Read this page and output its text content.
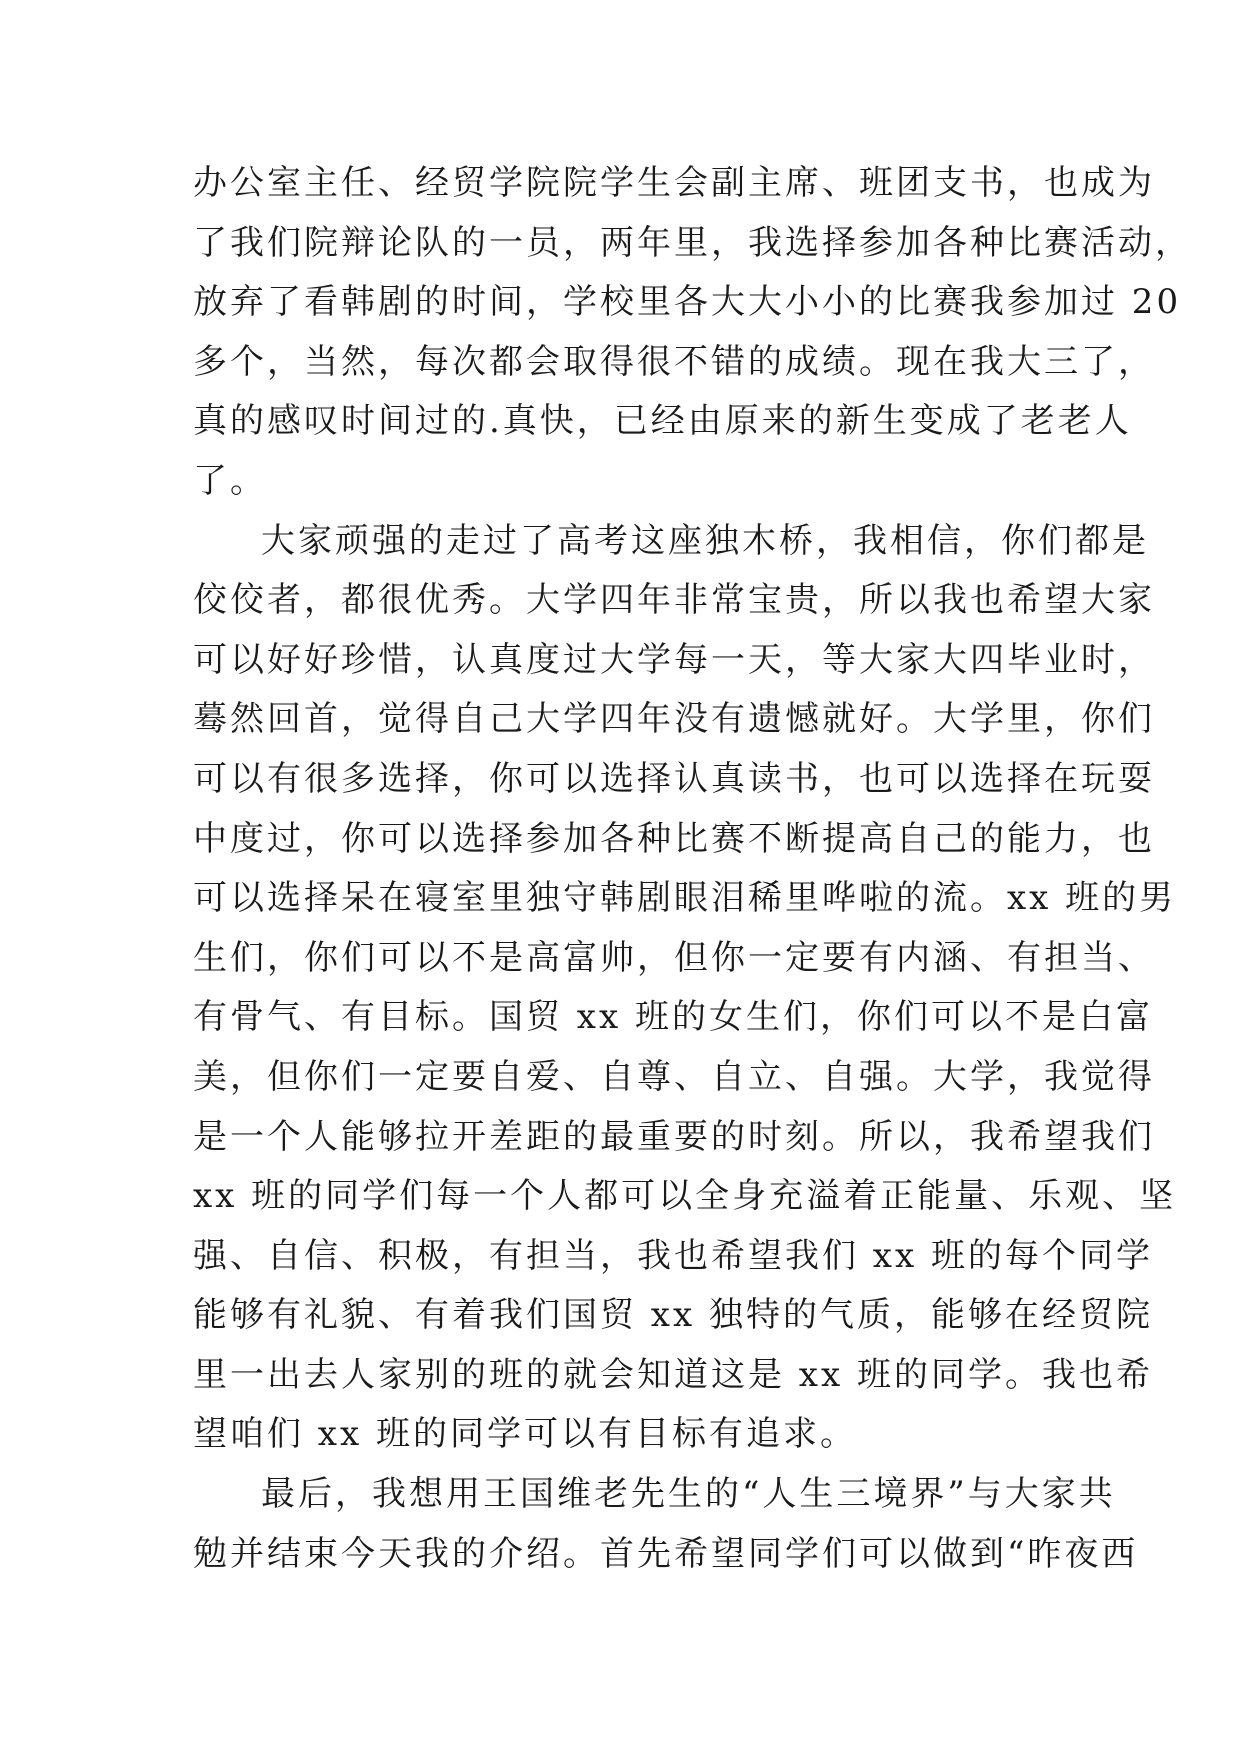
办公室主任、经贸学院院学生会副主席、班团支书，也成为
了我们院辩论队的一员，两年里，我选择参加各种比赛活动，
放弃了看韩剧的时间，学校里各大大小小的比赛我参加过 20
多个，当然，每次都会取得很不错的成绩。现在我大三了，
真的感叹时间过的.真快，已经由原来的新生变成了老老人
了。
大家顽强的走过了高考这座独木桥，我相信，你们都是
佼佼者，都很优秀。大学四年非常宝贵，所以我也希望大家
可以好好珍惜，认真度过大学每一天，等大家大四毕业时，
蓦然回首，觉得自己大学四年没有遗憾就好。大学里，你们
可以有很多选择，你可以选择认真读书，也可以选择在玩耍
中度过，你可以选择参加各种比赛不断提高自己的能力，也
可以选择呆在寝室里独守韩剧眼泪稀里哗啦的流。xx 班的男
生们，你们可以不是高富帅，但你一定要有内涵、有担当、
有骨气、有目标。国贸 xx 班的女生们，你们可以不是白富
美，但你们一定要自爱、自尊、自立、自强。大学，我觉得
是一个人能够拉开差距的最重要的时刻。所以，我希望我们
xx 班的同学们每一个人都可以全身充溢着正能量、乐观、坚
强、自信、积极，有担当，我也希望我们 xx 班的每个同学
能够有礼貌、有着我们国贸 xx 独特的气质，能够在经贸院
里一出去人家别的班的就会知道这是 xx 班的同学。我也希
望咱们 xx 班的同学可以有目标有追求。
最后，我想用王国维老先生的“人生三境界”与大家共
勉并结束今天我的介绍。首先希望同学们可以做到“昨夜西
